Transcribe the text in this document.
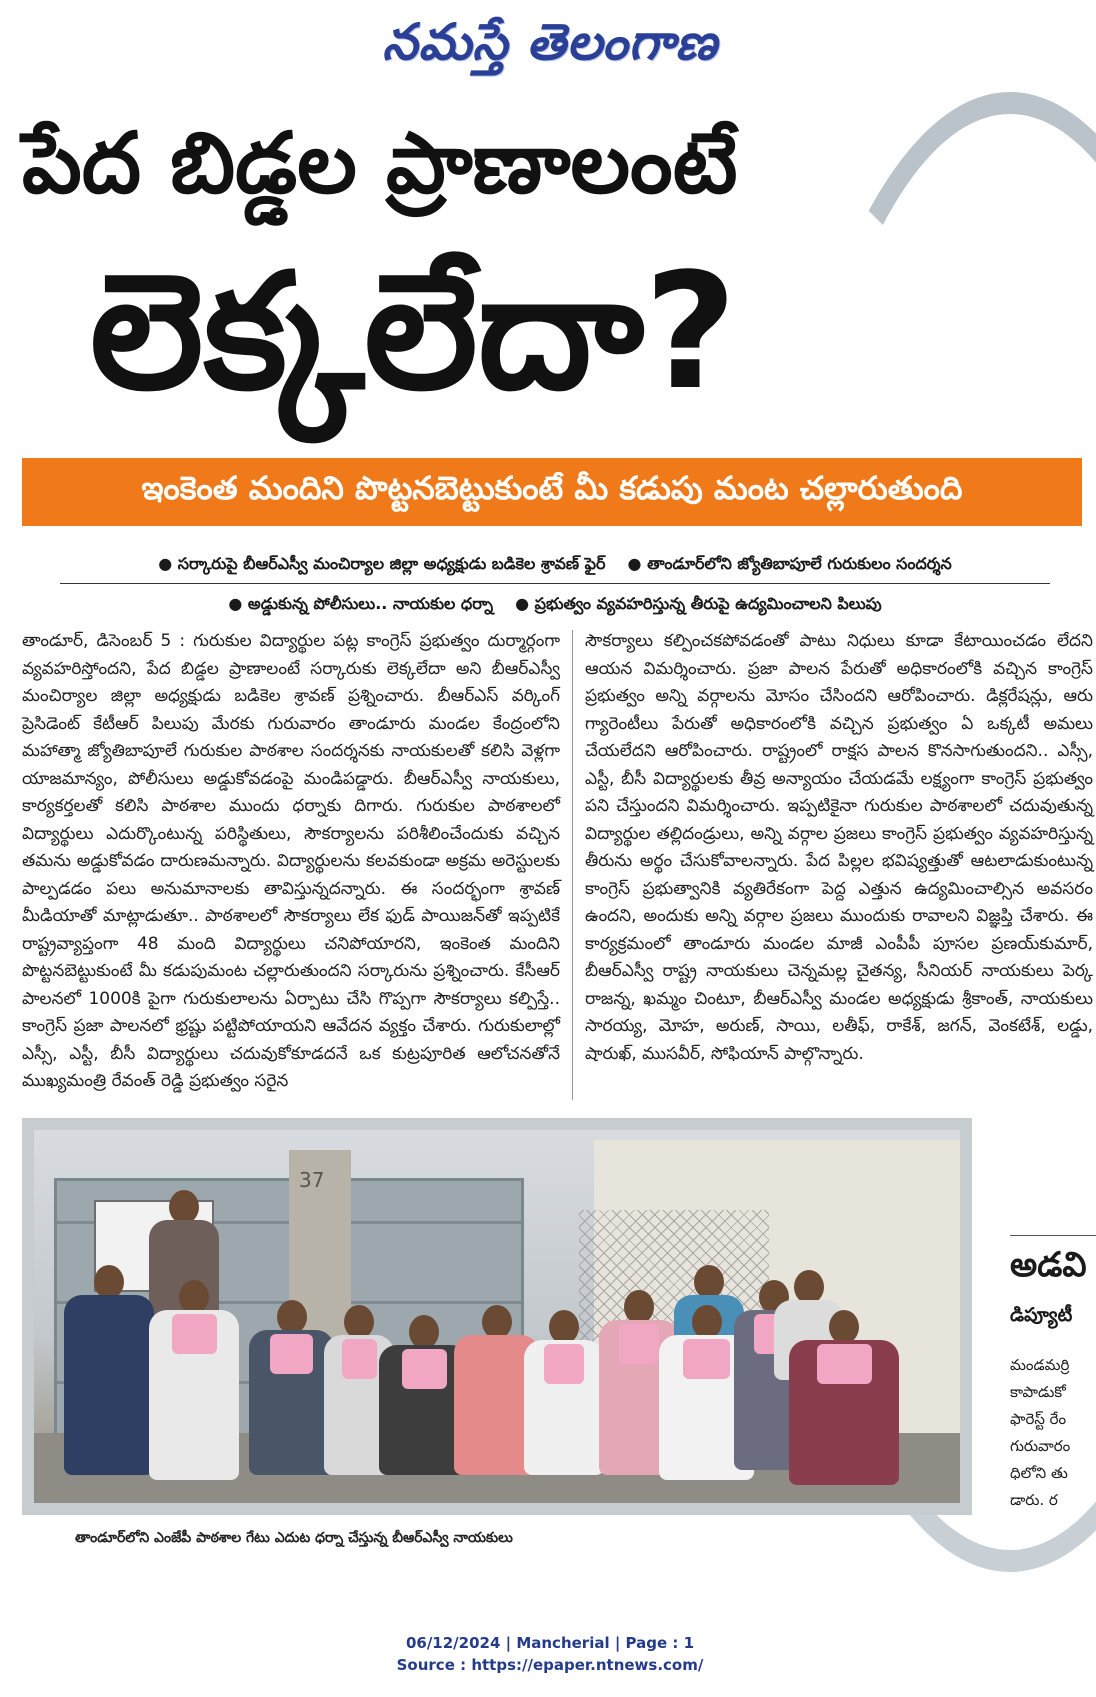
నమస్తే తెలంగాణ
పేద బిడ్డల ప్రాణాలంటే
లెక్కలేదా?
ఇంకెంత మందిని పొట్టనబెట్టుకుంటే మీ కడుపు మంట చల్లారుతుంది
● సర్కారుపై బీఆర్‌ఎస్వీ మంచిర్యాల జిల్లా అధ్యక్షుడు బడికెల శ్రావణ్ ఫైర్	● తాండూర్‌లోని జ్యోతిబాపూలే గురుకులం సందర్శన
● అడ్డుకున్న పోలీసులు.. నాయకుల ధర్నా	● ప్రభుత్వం వ్యవహరిస్తున్న తీరుపై ఉద్యమించాలని పిలుపు
తాండూర్, డిసెంబర్ 5 : గురుకుల విద్యార్థుల పట్ల కాంగ్రెస్ ప్రభుత్వం దుర్మార్గంగా వ్యవహరిస్తోందని, పేద బిడ్డల ప్రాణాలంటే సర్కారుకు లెక్కలేదా అని బీఆర్ఎస్వీ మంచిర్యాల జిల్లా అధ్యక్షుడు బడికెల శ్రావణ్ ప్రశ్నించారు. బీఆర్ఎస్ వర్కింగ్ ప్రెసిడెంట్ కేటీఆర్ పిలుపు మేరకు గురువారం తాండూరు మండల కేంద్రంలోని మహాత్మా జ్యోతిబాపూలే గురుకుల పాఠశాల సందర్శనకు నాయకులతో కలిసి వెళ్లగా యాజమాన్యం, పోలీసులు అడ్డుకోవడంపై మండిపడ్డారు. బీఆర్ఎస్వీ నాయకులు, కార్యకర్తలతో కలిసి పాఠశాల ముందు ధర్నాకు దిగారు. గురుకుల పాఠశాలలో విద్యార్థులు ఎదుర్కొంటున్న పరిస్థితులు, సౌకర్యాలను పరిశీలించేందుకు వచ్చిన తమను అడ్డుకోవడం దారుణమన్నారు. విద్యార్థులను కలవకుండా అక్రమ అరెస్టులకు పాల్పడడం పలు అనుమానాలకు తావిస్తున్నదన్నారు. ఈ సందర్భంగా శ్రావణ్ మీడియాతో మాట్లాడుతూ.. పాఠశాలలో సౌకర్యాలు లేక ఫుడ్ పాయిజన్‌తో ఇప్పటికే రాష్ట్రవ్యాప్తంగా 48 మంది విద్యార్థులు చనిపోయారని, ఇంకెంత మందిని పొట్టనబెట్టుకుంటే మీ కడుపుమంట చల్లారుతుందని సర్కారును ప్రశ్నించారు. కేసీఆర్ పాలనలో 1000కి పైగా గురుకులాలను ఏర్పాటు చేసి గొప్పగా సౌకర్యాలు కల్పిస్తే.. కాంగ్రెస్ ప్రజా పాలనలో భ్రష్టు పట్టిపోయాయని ఆవేదన వ్యక్తం చేశారు. గురుకులాల్లో ఎస్సీ, ఎస్టీ, బీసీ విద్యార్థులు చదువుకోకూడదనే ఒక కుట్రపూరిత ఆలోచనతోనే ముఖ్యమంత్రి రేవంత్ రెడ్డి ప్రభుత్వం సరైన
సౌకర్యాలు కల్పించకపోవడంతో పాటు నిధులు కూడా కేటాయించడం లేదని ఆయన విమర్శించారు. ప్రజా పాలన పేరుతో అధికారంలోకి వచ్చిన కాంగ్రెస్ ప్రభుత్వం అన్ని వర్గాలను మోసం చేసిందని ఆరోపించారు. డిక్లరేషన్లు, ఆరు గ్యారెంటీలు పేరుతో అధికారంలోకి వచ్చిన ప్రభుత్వం ఏ ఒక్కటీ అమలు చేయలేదని ఆరోపించారు. రాష్ట్రంలో రాక్షస పాలన కొనసాగుతుందని.. ఎస్సీ, ఎస్టీ, బీసీ విద్యార్థులకు తీవ్ర అన్యాయం చేయడమే లక్ష్యంగా కాంగ్రెస్ ప్రభుత్వం పని చేస్తుందని విమర్శించారు. ఇప్పటికైనా గురుకుల పాఠశాలలో చదువుతున్న విద్యార్థుల తల్లిదండ్రులు, అన్ని వర్గాల ప్రజలు కాంగ్రెస్ ప్రభుత్వం వ్యవహరిస్తున్న తీరును అర్థం చేసుకోవాలన్నారు. పేద పిల్లల భవిష్యత్తుతో ఆటలాడుకుంటున్న కాంగ్రెస్ ప్రభుత్వానికి వ్యతిరేకంగా పెద్ద ఎత్తున ఉద్యమించాల్సిన అవసరం ఉందని, అందుకు అన్ని వర్గాల ప్రజలు ముందుకు రావాలని విజ్ఞప్తి చేశారు. ఈ కార్యక్రమంలో తాండూరు మండల మాజీ ఎంపీపీ పూసల ప్రణయ్‌కుమార్, బీఆర్ఎస్వీ రాష్ట్ర నాయకులు చెన్నమల్ల చైతన్య, సీనియర్ నాయకులు పెర్క రాజన్న, ఖమ్మం చింటూ, బీఆర్ఎస్వీ మండల అధ్యక్షుడు శ్రీకాంత్, నాయకులు సారయ్య, మోహ, అరుణ్, సాయి, లతీఫ్, రాకేశ్, జగన్, వెంకటేశ్, లడ్డు, షారుఖ్, ముసవీర్, సోఫియాన్ పాల్గొన్నారు.
37
తాండూర్‌లోని ఎంజేపీ పాఠశాల గేటు ఎదుట ధర్నా చేస్తున్న బీఆర్ఎస్వీ నాయకులు
అడవి
డిప్యూటీ
మండమర్రి
కాపాడుకో
ఫారెస్ట్ రేం
గురువారం
ధిలోని తు
డారు. ర
06/12/2024 | Mancherial | Page : 1
Source : https://epaper.ntnews.com/
